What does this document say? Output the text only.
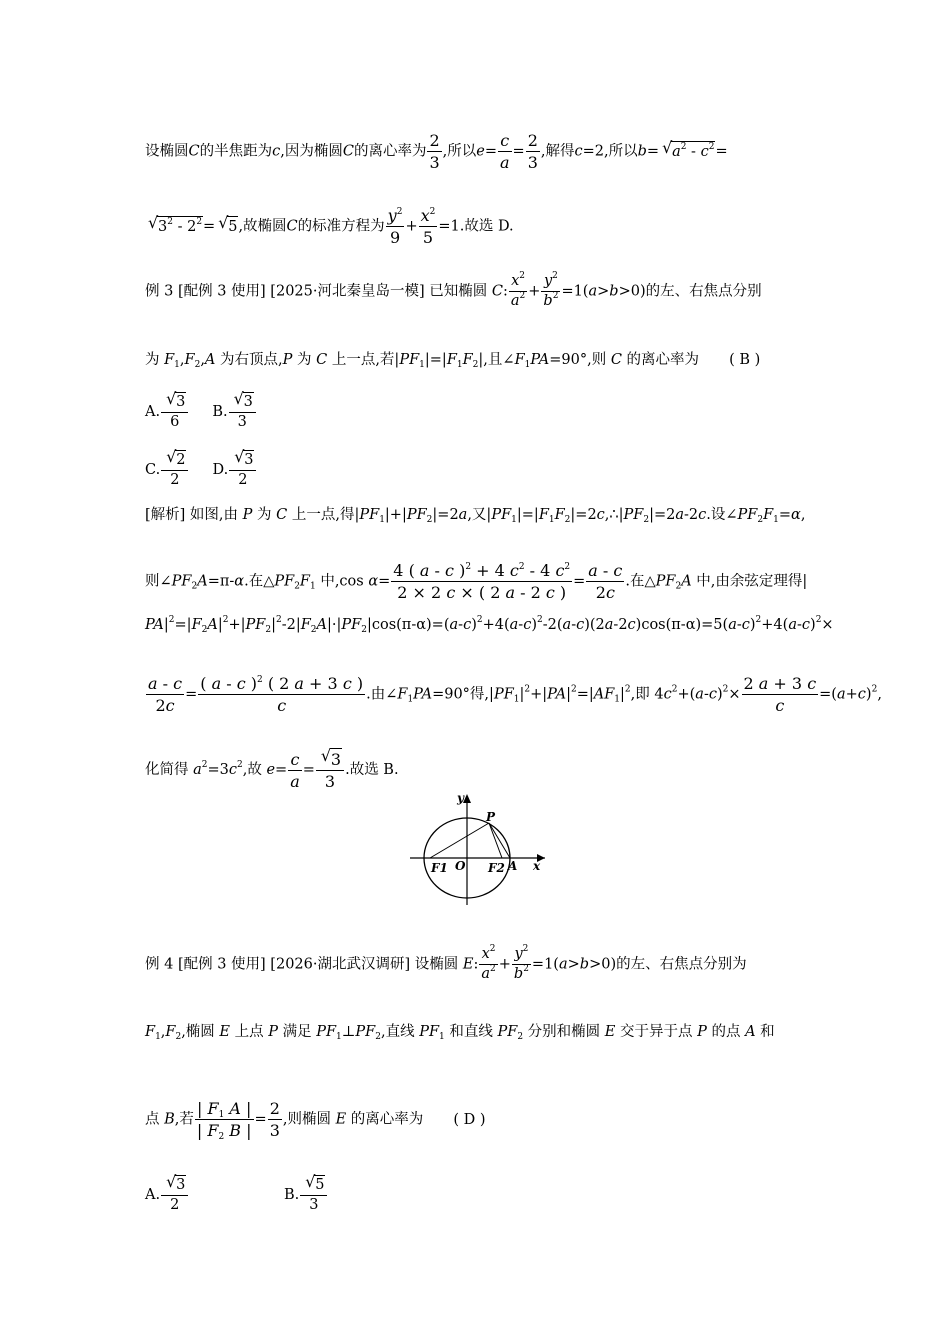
设椭圆C的半焦距为c,因为椭圆C的离心率为 $\frac{2}{3}$ ,所以$e= \frac{c}{a} = \frac{2}{3}$ ,解得c=2,所以b= √ $a^2 - c^2=$
√ $3^2 - 2^2=$ √ 5,故椭圆C的标准方程为 $\frac{y^2}{9} + \frac{x^2}{5} =1$.故选 D.
例 3 [配例 3 使用] [2025·河北秦皇岛一模] 已知椭圆 C: $\frac{x^2}{a^2} + \frac{y^2}{b^2} =1(a>b>0)$的左、右焦点分别
为 $F_1,F_2,A$ 为右顶点,P 为 C 上一点,若$|PF_1|=|F_1F_2|$,且$\angle F_1PA=90^\circ$,则 C 的离心率为 ( B )
A. $\frac{√ 3}{6} B$. $\frac{√ 3}{3}$
C. $\frac{√ 2}{2} D$. $\frac{√ 3}{2}$
[解析] 如图,由 P 为 C 上一点,得$|PF_1|+|PF_2|=2a$,又$|PF_1|=|F_1F_2|=2c,\therefore|PF_2|=2a-2c$.设$\angle PF_2F_1=\alpha$,
则$\angle PF_2A=\pi-\alpha$.在$\triangle PF_2F_1$ 中,cos $\alpha= \frac{4 ( a - c )^2 + 4 c^2 - 4 c^2}{2 \times 2 c \times ( 2 a - 2 c )} = \frac{a - c}{2c}$ .在$\triangle PF_2A$ 中,由余弦定理得|
$PA|^2=|F_2A|^2+|PF_2|^2-2|F_2A|\cdot|PF_2|\cos(\pi-\alpha)=(a-c)^2+4(a-c)^2-2(a-c)(2a-2c)\cos(\pi-\alpha)=5(a-c)^2+4(a-c)^2\times$
$\frac{a - c}{2c} = \frac{( a - c )^2 ( 2 a + 3 c )}{c}$ .由$\angle F_1PA=90^\circ$得$,|PF_1|^2+|PA|^2=|AF_1|^2$,即 $4c^2+(a-c)^2\times \frac{2 a + 3 c}{c} =(a+c)^2$,
化简得 $a^2=3c^2$,故 $e= \frac{c}{a} = \frac{√ 3}{3}$ .故选 B.
y
x
P
O	A
F1	F2
例 4 [配例 3 使用] [2026·湖北武汉调研] 设椭圆 E: $\frac{x^2}{a^2} + \frac{y^2}{b^2} =1(a>b>0)$的左、右焦点分别为
$F_1,F_2$,椭圆 E 上点 P 满足 $PF_1\perp PF_2$,直线 $PF_1$ 和直线 $PF_2$ 分别和椭圆 E 交于异于点 P 的点 A 和
点 B,若 $\frac{| F_1 A |}{| F_2 B |} = \frac{2}{3}$ ,则椭圆 E 的离心率为 ( D )
A. $\frac{√ 3}{2}$	B. $\frac{√ 5}{3}$
